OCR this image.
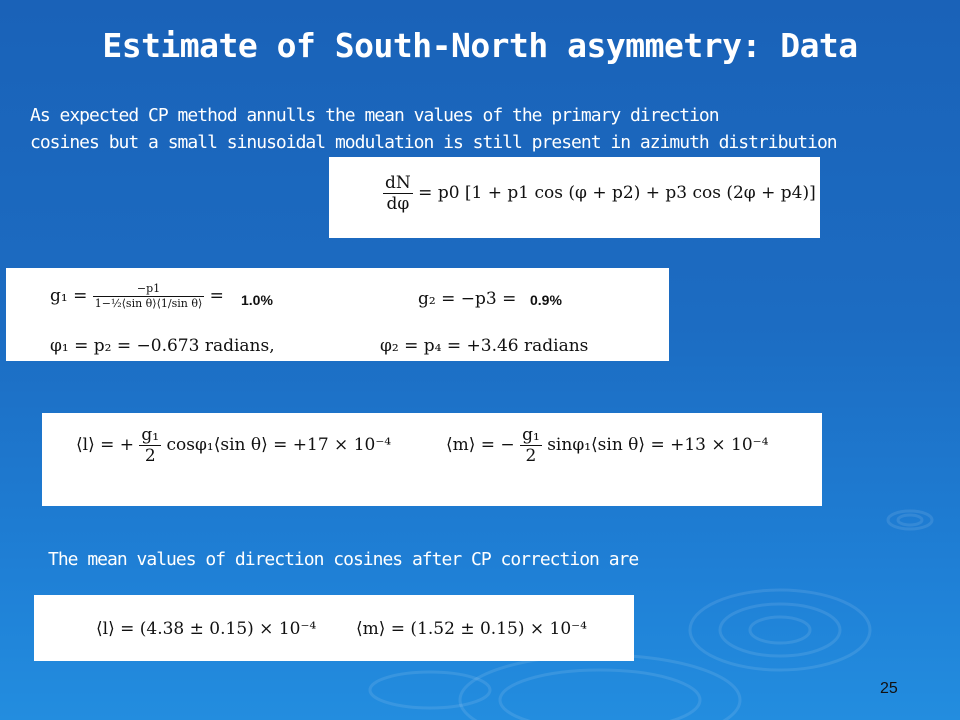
Estimate of South-North asymmetry: Data
As expected CP method annulls the mean values of the primary direction
cosines but a small sinusoidal modulation is still present in azimuth distribution
$\frac{dN}{d\varphi} = p0$ [1 + p1 cos (φ + p2) + p3 cos (2φ + p4)]
$g_1 = \frac{-p1}{\text{1−½⟨sin θ⟩⟨1/sin θ⟩}} = 1.0\%$	g₂ = −p3 = 0.9%
φ₁ = p₂ = −0.673 radians,	φ₂ = p₄ = +3.46 radians
⟨l⟩ = + $\frac{\text{g₁}}{2}$ cosφ₁⟨sin θ⟩ = +17 × 10⁻⁴	⟨m⟩ = − $\frac{\text{g₁}}{2}$ sinφ₁⟨sin θ⟩ = +13 × 10⁻⁴
The mean values of direction cosines after CP correction are
⟨l⟩ = (4.38 ± 0.15) × 10⁻⁴ ⟨m⟩ = (1.52 ± 0.15) × 10⁻⁴
25
